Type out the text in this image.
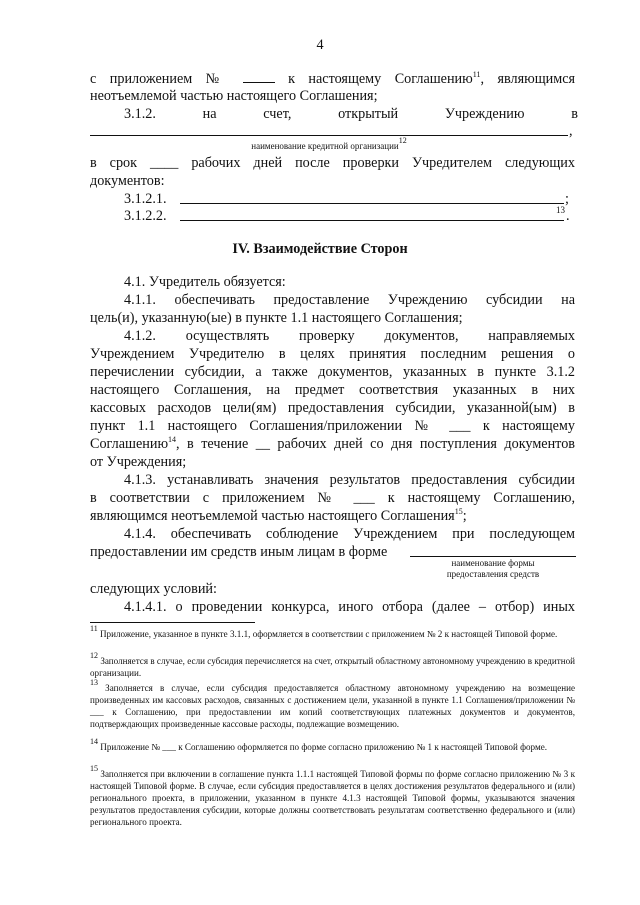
4
с приложением №	к настоящему Соглашению$^{11}$, являющимся
неотъемлемой частью настоящего Соглашения;
3.1.2.	на	счет,	открытый	Учреждению	в
,
наименование кредитной организации$^{12}$
в срок ____ рабочих дней после проверки Учредителем следующих
документов:
3.1.2.1.	;
3.1.2.2.	13 .
IV. Взаимодействие Сторон
4.1. Учредитель обязуется:
4.1.1. обеспечивать предоставление Учреждению субсидии на
цель(и), указанную(ые) в пункте 1.1 настоящего Соглашения;
4.1.2. осуществлять проверку документов, направляемых
Учреждением Учредителю в целях принятия последним решения о
перечислении субсидии, а также документов, указанных в пункте 3.1.2
настоящего Соглашения, на предмет соответствия указанных в них
кассовых расходов цели(ям) предоставления субсидии, указанной(ым) в
пункт 1.1 настоящего Соглашения/приложении № ___ к настоящему
Соглашению$^{14}$, в течение __ рабочих дней со дня поступления документов
от Учреждения;
4.1.3. устанавливать значения результатов предоставления субсидии
в соответствии с приложением № ___ к настоящему Соглашению,
являющимся неотъемлемой частью настоящего Соглашения$^{15}$;
4.1.4. обеспечивать соблюдение Учреждением при последующем
предоставлении им средств иным лицам в форме
наименование формы
предоставления средств
следующих условий:
4.1.4.1. о проведении конкурса, иного отбора (далее – отбор) иных
$^{11}$ Приложение, указанное в пункте 3.1.1, оформляется в соответствии с приложением № 2 к настоящей Типовой форме.
$^{12}$ Заполняется в случае, если субсидия перечисляется на счет, открытый областному автономному учреждению в кредитной организации.
$^{13}$ Заполняется в случае, если субсидия предоставляется областному автономному учреждению на возмещение произведенных им кассовых расходов, связанных с достижением цели, указанной в пункте 1.1 Соглашения/приложении № ___ к Соглашению, при предоставлении им копий соответствующих платежных документов и документов, подтверждающих произведенные кассовые расходы, подлежащие возмещению.
$^{14}$ Приложение № ___ к Соглашению оформляется по форме согласно приложению № 1 к настоящей Типовой форме.
$^{15}$ Заполняется при включении в соглашение пункта 1.1.1 настоящей Типовой формы по форме согласно приложению № 3 к настоящей Типовой форме. В случае, если субсидия предоставляется в целях достижения результатов федерального и (или) регионального проекта, в приложении, указанном в пункте 4.1.3 настоящей Типовой формы, указываются значения результатов предоставления субсидии, которые должны соответствовать результатам соответственно федерального и (или) регионального проекта.
